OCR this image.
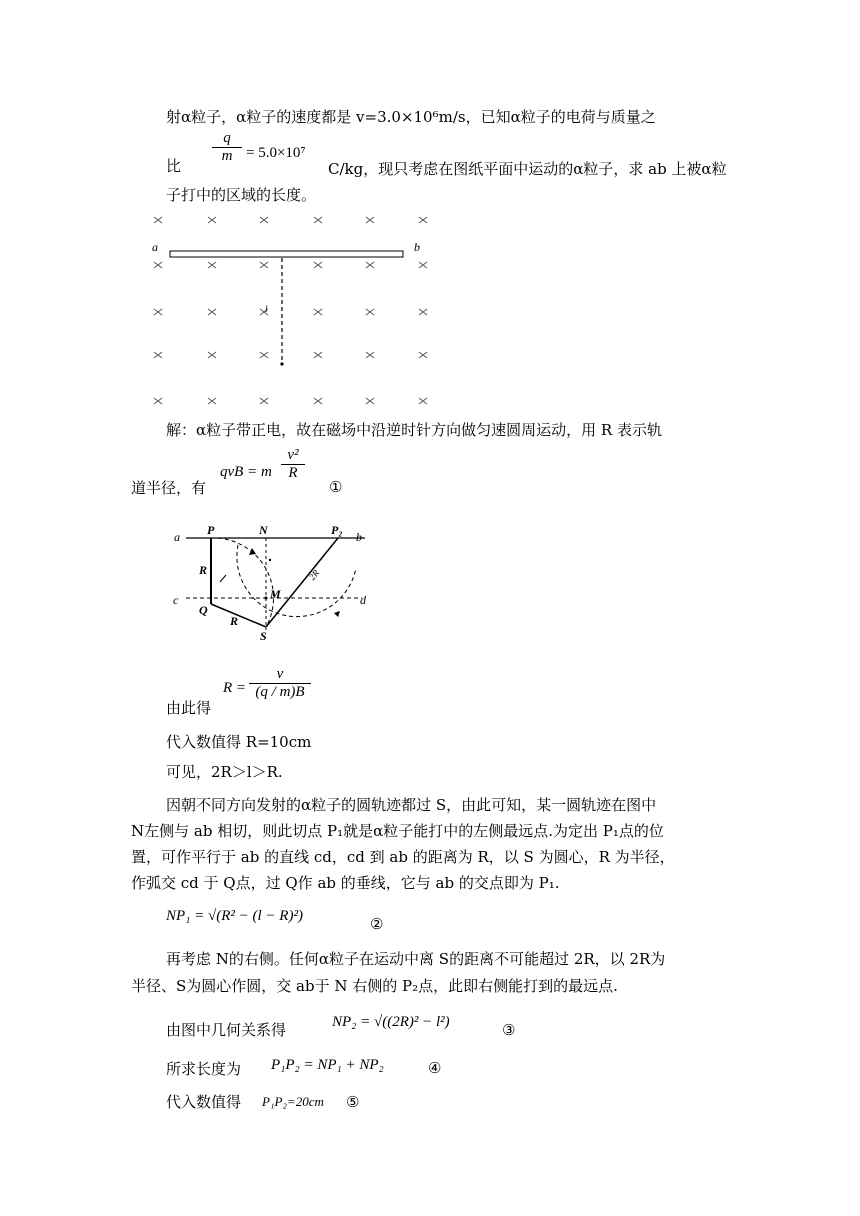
射α粒子，α粒子的速度都是 v=3.0×10⁶m/s，已知α粒子的电荷与质量之
$\frac{q}{m}$
比
= 5.0×10⁷
C/kg，现只考虑在图纸平面中运动的α粒子，求 ab 上被α粒
子打中的区域的长度。
a	b
l
解：α粒子带正电，故在磁场中沿逆时针方向做匀速圆周运动，用 R 表示轨
道半径，有
qvB = m $\frac{\text{v²}}{R}$
①
a P	N	P₂ b
R
c
Q
M	d
R
S
2R
$R = \frac{v}{(q / m)B}$
由此得
代入数值得 R=10cm
可见，2R＞l＞R.
因朝不同方向发射的α粒子的圆轨迹都过 S，由此可知，某一圆轨迹在图中
N左侧与 ab 相切，则此切点 P₁就是α粒子能打中的左侧最远点.为定出 P₁点的位
置，可作平行于 ab 的直线 cd，cd 到 ab 的距离为 R，以 S 为圆心，R 为半径，
作弧交 cd 于 Q点，过 Q作 ab 的垂线，它与 ab 的交点即为 P₁.
NP₁ = √(R² − (l − R)²)	②
再考虑 N的右侧。任何α粒子在运动中离 S的距离不可能超过 2R，以 2R为
半径、S为圆心作圆，交 ab于 N 右侧的 P₂点，此即右侧能打到的最远点.
由图中几何关系得	NP₂ = √((2R)² − l²)	③
所求长度为 P₁P₂ = NP₁ + NP₂	④
代入数值得 P₁P₂=20cm ⑤
